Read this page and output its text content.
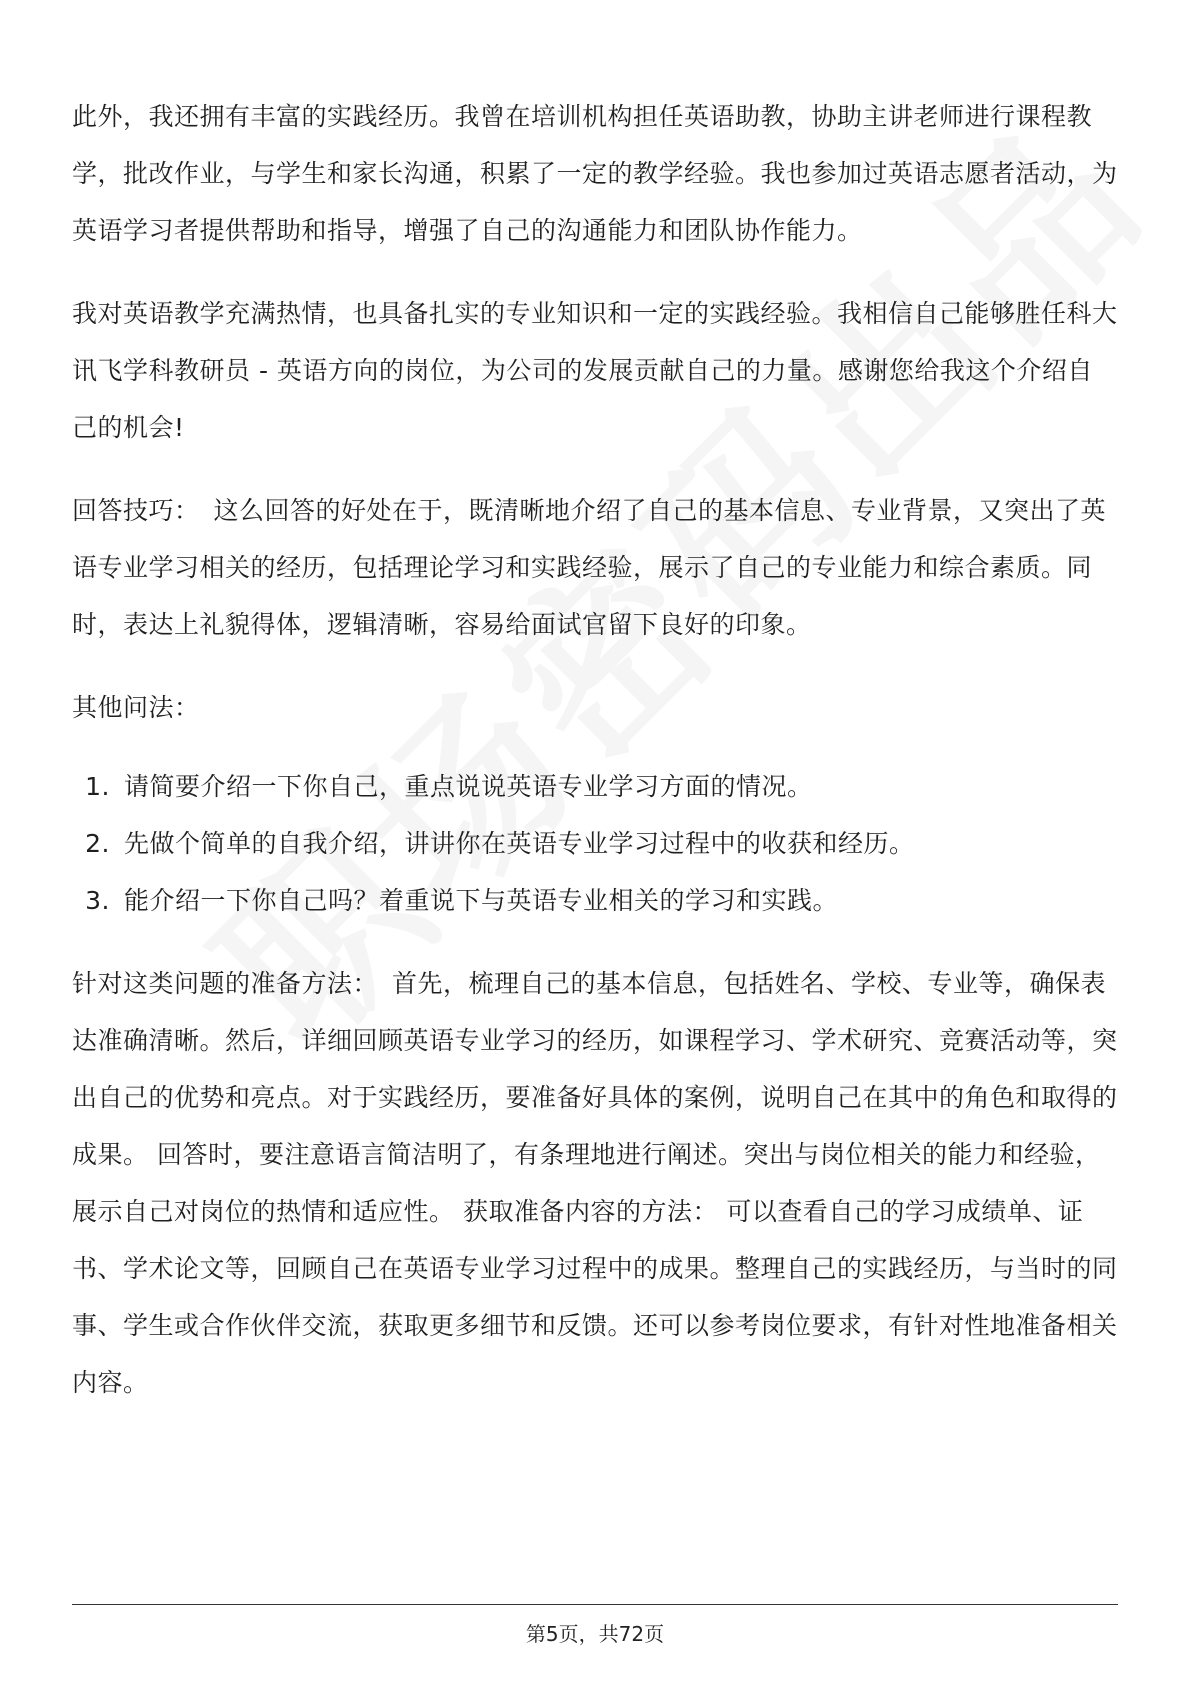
此外，我还拥有丰富的实践经历。我曾在培训机构担任英语助教，协助主讲老师进行课程教学，批改作业，与学生和家长沟通，积累了一定的教学经验。我也参加过英语志愿者活动，为英语学习者提供帮助和指导，增强了自己的沟通能力和团队协作能力。

我对英语教学充满热情，也具备扎实的专业知识和一定的实践经验。我相信自己能够胜任科大讯飞学科教研员 - 英语方向的岗位，为公司的发展贡献自己的力量。感谢您给我这个介绍自己的机会!

回答技巧： 这么回答的好处在于，既清晰地介绍了自己的基本信息、专业背景，又突出了英语专业学习相关的经历，包括理论学习和实践经验，展示了自己的专业能力和综合素质。同时，表达上礼貌得体，逻辑清晰，容易给面试官留下良好的印象。

其他问法：

1. 请简要介绍一下你自己，重点说说英语专业学习方面的情况。
2. 先做个简单的自我介绍，讲讲你在英语专业学习过程中的收获和经历。
3. 能介绍一下你自己吗？着重说下与英语专业相关的学习和实践。

针对这类问题的准备方法： 首先，梳理自己的基本信息，包括姓名、学校、专业等，确保表达准确清晰。然后，详细回顾英语专业学习的经历，如课程学习、学术研究、竞赛活动等，突出自己的优势和亮点。对于实践经历，要准备好具体的案例，说明自己在其中的角色和取得的成果。 回答时，要注意语言简洁明了，有条理地进行阐述。突出与岗位相关的能力和经验，展示自己对岗位的热情和适应性。 获取准备内容的方法： 可以查看自己的学习成绩单、证书、学术论文等，回顾自己在英语专业学习过程中的成果。整理自己的实践经历，与当时的同事、学生或合作伙伴交流，获取更多细节和反馈。还可以参考岗位要求，有针对性地准备相关内容。

第5页，共72页
